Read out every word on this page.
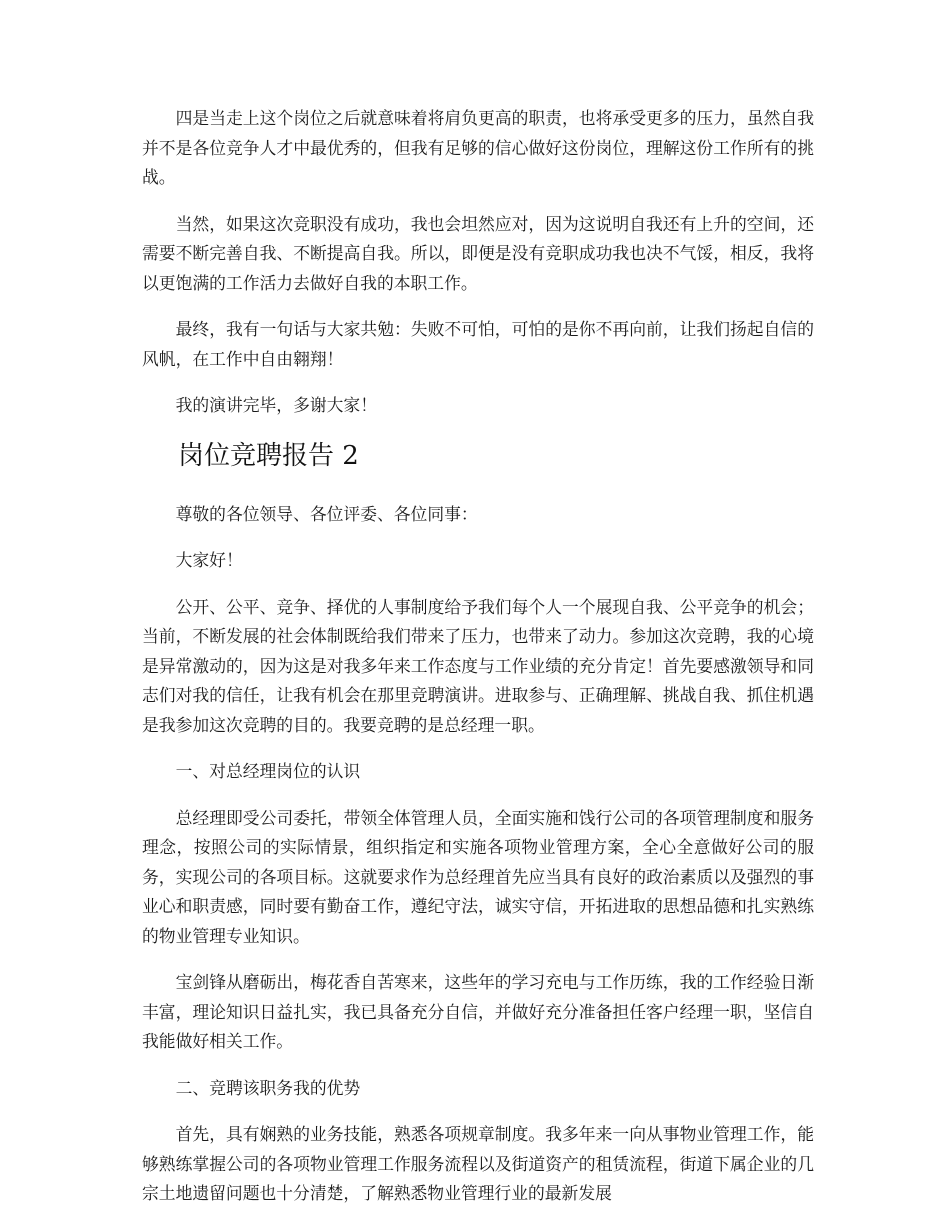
四是当走上这个岗位之后就意味着将肩负更高的职责，也将承受更多的压力，虽然自我并不是各位竞争人才中最优秀的，但我有足够的信心做好这份岗位，理解这份工作所有的挑战。

当然，如果这次竞职没有成功，我也会坦然应对，因为这说明自我还有上升的空间，还需要不断完善自我、不断提高自我。所以，即便是没有竞职成功我也决不气馁，相反，我将以更饱满的工作活力去做好自我的本职工作。

最终，我有一句话与大家共勉：失败不可怕，可怕的是你不再向前，让我们扬起自信的风帆，在工作中自由翱翔！

我的演讲完毕，多谢大家！

岗位竞聘报告 2

尊敬的各位领导、各位评委、各位同事：

大家好！

公开、公平、竞争、择优的人事制度给予我们每个人一个展现自我、公平竞争的机会；当前，不断发展的社会体制既给我们带来了压力，也带来了动力。参加这次竞聘，我的心境是异常激动的，因为这是对我多年来工作态度与工作业绩的充分肯定！首先要感激领导和同志们对我的信任，让我有机会在那里竞聘演讲。进取参与、正确理解、挑战自我、抓住机遇是我参加这次竞聘的目的。我要竞聘的是总经理一职。

一、对总经理岗位的认识

总经理即受公司委托，带领全体管理人员，全面实施和饯行公司的各项管理制度和服务理念，按照公司的实际情景，组织指定和实施各项物业管理方案，全心全意做好公司的服务，实现公司的各项目标。这就要求作为总经理首先应当具有良好的政治素质以及强烈的事业心和职责感，同时要有勤奋工作，遵纪守法，诚实守信，开拓进取的思想品德和扎实熟练的物业管理专业知识。

宝剑锋从磨砺出，梅花香自苦寒来，这些年的学习充电与工作历练，我的工作经验日渐丰富，理论知识日益扎实，我已具备充分自信，并做好充分准备担任客户经理一职，坚信自我能做好相关工作。

二、竞聘该职务我的优势

首先，具有娴熟的业务技能，熟悉各项规章制度。我多年来一向从事物业管理工作，能够熟练掌握公司的各项物业管理工作服务流程以及街道资产的租赁流程，街道下属企业的几宗土地遗留问题也十分清楚，了解熟悉物业管理行业的最新发展
